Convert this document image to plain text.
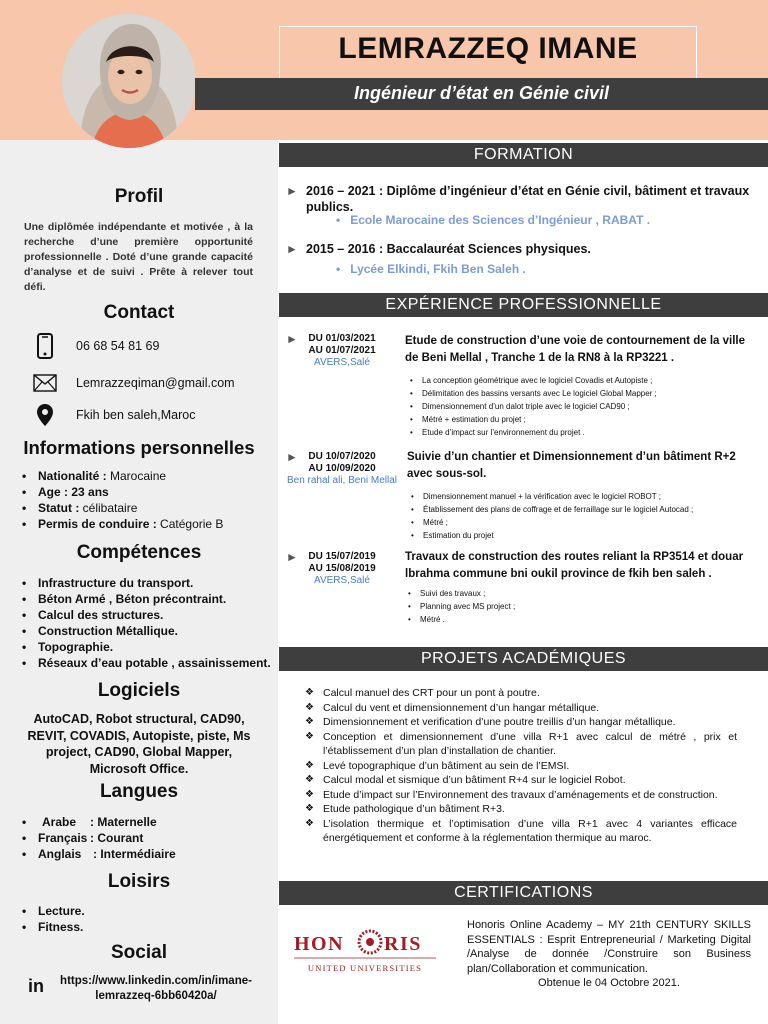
LEMRAZZEQ IMANE
Ingénieur d’état en Génie civil
Profil
Une diplômée indépendante et motivée , à la recherche d’une première opportunité professionnelle . Doté d’une grande capacité d’analyse et de suivi . Prête à relever tout défi.
Contact
06 68 54 81 69
Lemrazzeqiman@gmail.com
Fkih ben saleh,Maroc
Informations personnelles
• Nationalité : Marocaine
• Age : 23 ans
• Statut : célibataire
• Permis de conduire : Catégorie B
Compétences
• Infrastructure du transport.
• Béton Armé , Béton précontraint.
• Calcul des structures.
• Construction Métallique.
• Topographie.
• Réseaux d’eau potable , assainissement.
Logiciels
AutoCAD, Robot structural, CAD90, REVIT, COVADIS, Autopiste, piste, Ms project, CAD90, Global Mapper, Microsoft Office.
Langues
• Arabe: Maternelle
• Français: Courant
• Anglais: Intermédiaire
Loisirs
• Lecture.
• Fitness.
Social
in https://www.linkedin.com/in/imane-lemrazzeq-6bb60420a/
FORMATION
► 2016 – 2021 : Diplôme d’ingénieur d’état en Génie civil, bâtiment et travaux publics.
• Ecole Marocaine des Sciences d’Ingénieur , RABAT .
► 2015 – 2016 : Baccalauréat Sciences physiques.
• Lycée Elkindi, Fkih Ben Saleh .
EXPÉRIENCE PROFESSIONNELLE
►	DU 01/03/2021
AU 01/07/2021
AVERS,Salé
Etude de construction d’une voie de contournement de la ville de Beni Mellal , Tranche 1 de la RN8 à la RP3221 .
• La conception géométrique avec le logiciel Covadis et Autopiste ;
• Délimitation des bassins versants avec Le logiciel Global Mapper ;
• Dimensionnement d’un dalot triple avec le logiciel CAD90 ;
• Métré + estimation du projet ;
• Etude d’impact sur l’environnement du projet .
►	DU 10/07/2020
AU 10/09/2020
Ben rahal ali, Beni Mellal
Suivie d’un chantier et Dimensionnement d’un bâtiment R+2 avec sous-sol.
• Dimensionnement manuel + la vérification avec le logiciel ROBOT ;
• Établissement des plans de coffrage et de ferraillage sur le logiciel Autocad ;
• Métré ;
• Estimation du projet
►	DU 15/07/2019
AU 15/08/2019
AVERS,Salé
Travaux de construction des routes reliant la RP3514 et douar lbrahma commune bni oukil province de fkih ben saleh .
• Suivi des travaux ;
• Planning avec MS project ;
• Métré .
PROJETS ACADÉMIQUES
❖ Calcul manuel des CRT pour un pont à poutre.
❖ Calcul du vent et dimensionnement d’un hangar métallique.
❖ Dimensionnement et verification d’une poutre treillis d’un hangar métallique.
❖ Conception et dimensionnement d’une villa R+1 avec calcul de métré , prix et l’établissement d’un plan d’installation de chantier.
❖ Levé topographique d’un bâtiment au sein de l’EMSI.
❖ Calcul modal et sismique d’un bâtiment R+4 sur le logiciel Robot.
❖ Etude d’impact sur l’Environnement des travaux d’aménagements et de construction.
❖ Etude pathologique d’un bâtiment R+3.
❖ L’isolation thermique et l’optimisation d’une villa R+1 avec 4 variantes efficace énergétiquement et conforme à la réglementation thermique au maroc.
CERTIFICATIONS
HON RIS
UNITED UNIVERSITIES
Honoris Online Academy – MY 21th CENTURY SKILLS ESSENTIALS : Esprit Entrepreneurial / Marketing Digital /Analyse de donnée /Construire son Business plan/Collaboration et communication.
Obtenue le 04 Octobre 2021.
